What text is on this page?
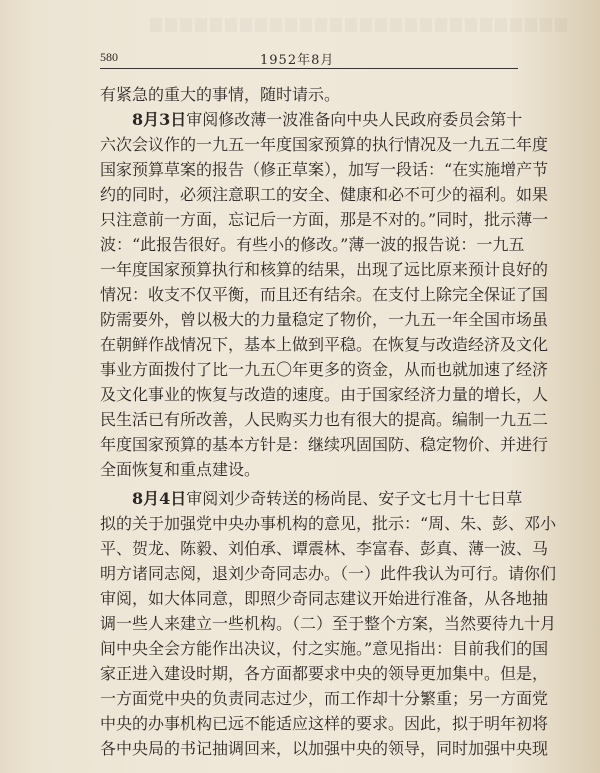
580	1952年8月
有紧急的重大的事情，随时请示。
8月3日 审阅修改薄一波准备向中央人民政府委员会第十
六次会议作的一九五一年度国家预算的执行情况及一九五二年度
国家预算草案的报告（修正草案），加写一段话：“在实施增产节
约的同时，必须注意职工的安全、健康和必不可少的福利。如果
只注意前一方面，忘记后一方面，那是不对的。”同时，批示薄一
波：“此报告很好。有些小的修改。”薄一波的报告说：一九五
一年度国家预算执行和核算的结果，出现了远比原来预计良好的
情况：收支不仅平衡，而且还有结余。在支付上除完全保证了国
防需要外，曾以极大的力量稳定了物价，一九五一年全国市场虽
在朝鲜作战情况下，基本上做到平稳。在恢复与改造经济及文化
事业方面拨付了比一九五〇年更多的资金，从而也就加速了经济
及文化事业的恢复与改造的速度。由于国家经济力量的增长，人
民生活已有所改善，人民购买力也有很大的提高。编制一九五二
年度国家预算的基本方针是：继续巩固国防、稳定物价、并进行
全面恢复和重点建设。
8月4日 审阅刘少奇转送的杨尚昆、安子文七月十七日草
拟的关于加强党中央办事机构的意见，批示：“周、朱、彭、邓小
平、贺龙、陈毅、刘伯承、谭震林、李富春、彭真、薄一波、马
明方诸同志阅，退刘少奇同志办。（一）此件我认为可行。请你们
审阅，如大体同意，即照少奇同志建议开始进行准备，从各地抽
调一些人来建立一些机构。（二）至于整个方案，当然要待九十月
间中央全会方能作出决议，付之实施。”意见指出：目前我们的国
家正进入建设时期，各方面都要求中央的领导更加集中。但是，
一方面党中央的负责同志过少，而工作却十分繁重；另一方面党
中央的办事机构已远不能适应这样的要求。因此，拟于明年初将
各中央局的书记抽调回来，以加强中央的领导，同时加强中央现
